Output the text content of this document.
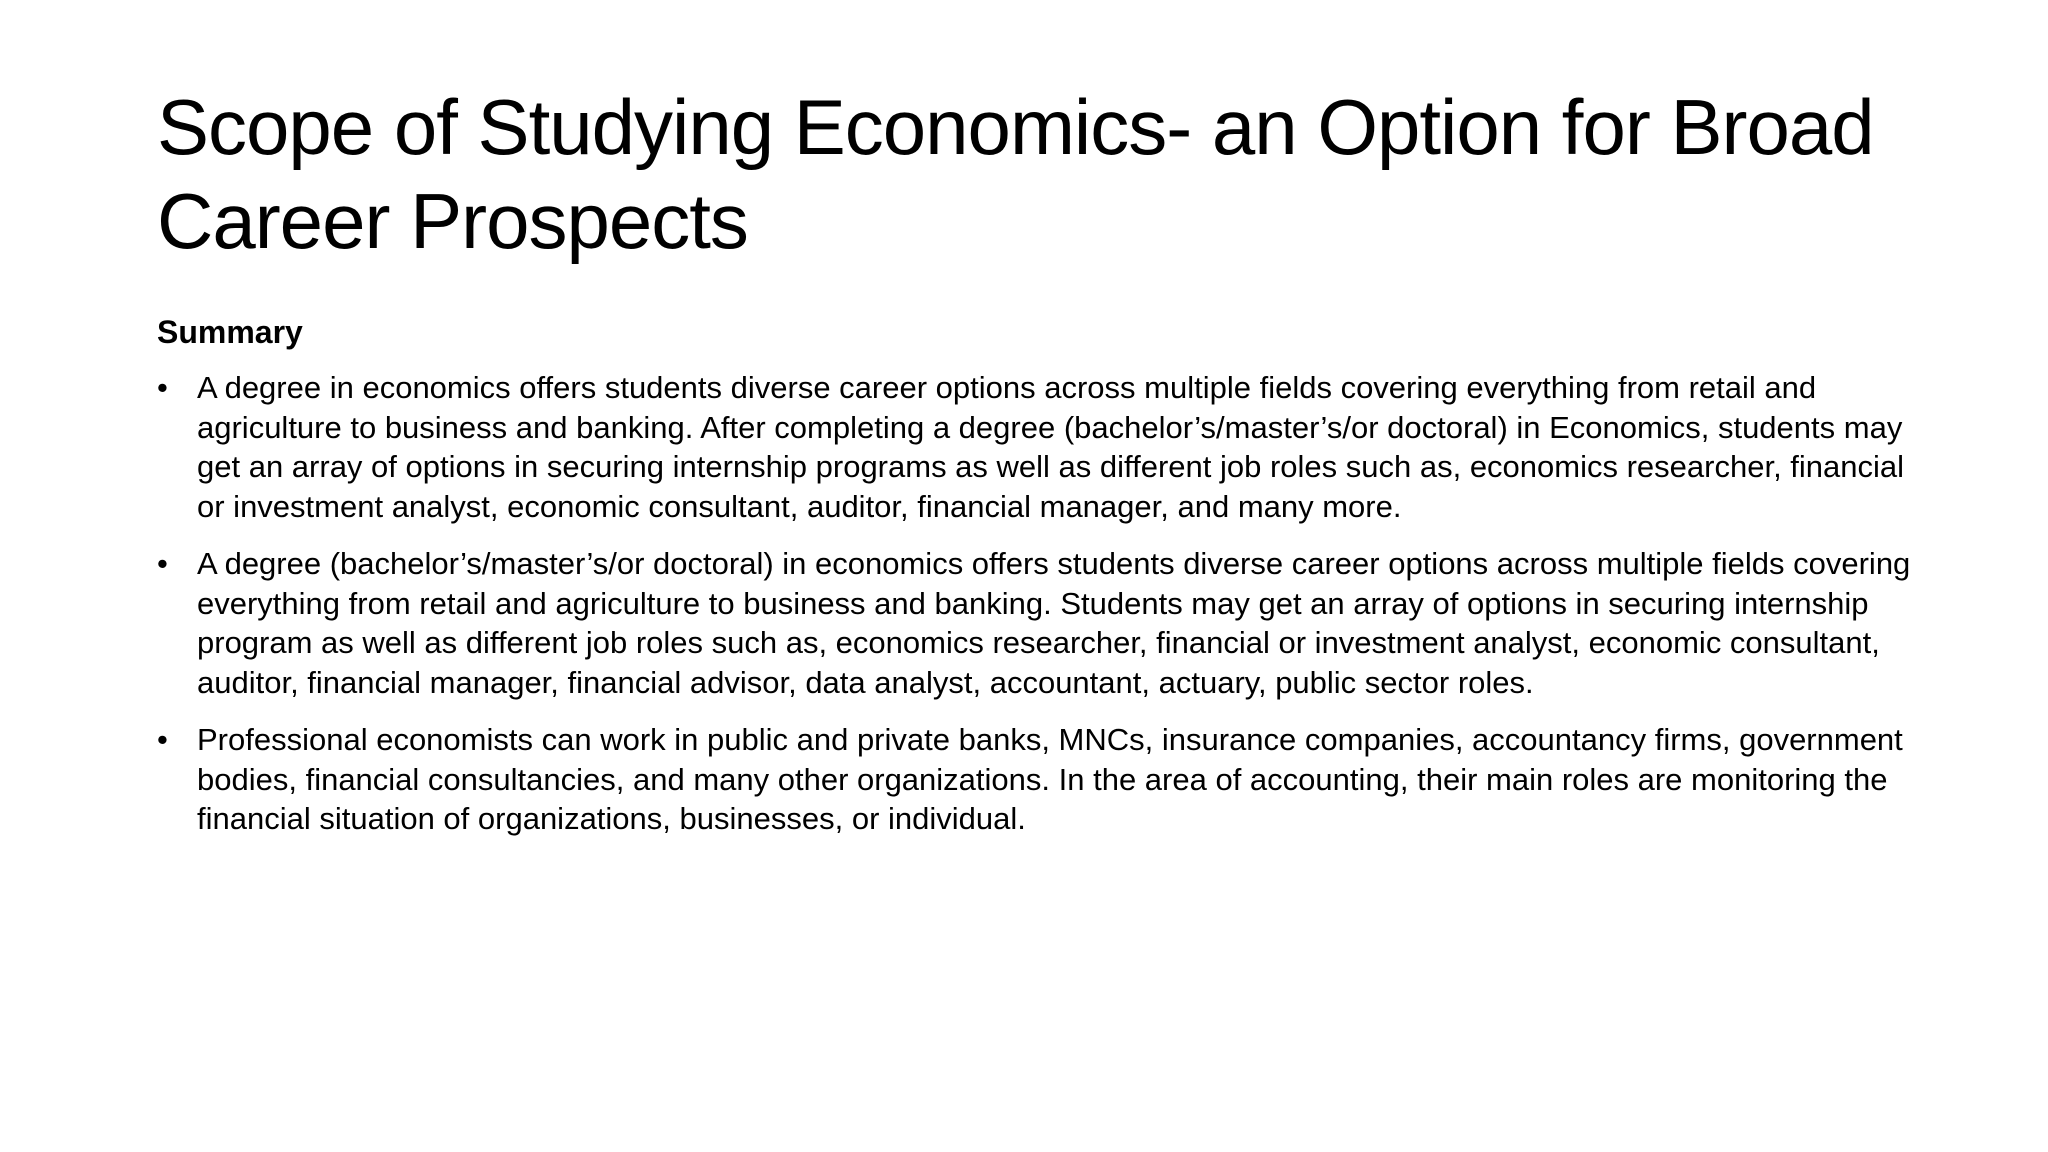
Scope of Studying Economics- an Option for Broad Career Prospects
Summary
• A degree in economics offers students diverse career options across multiple fields covering everything from retail and agriculture to business and banking. After completing a degree (bachelor’s/master’s/or doctoral) in Economics, students may get an array of options in securing internship programs as well as different job roles such as, economics researcher, financial or investment analyst, economic consultant, auditor, financial manager, and many more.
• A degree (bachelor’s/master’s/or doctoral) in economics offers students diverse career options across multiple fields covering everything from retail and agriculture to business and banking. Students may get an array of options in securing internship program as well as different job roles such as, economics researcher, financial or investment analyst, economic consultant, auditor, financial manager, financial advisor, data analyst, accountant, actuary, public sector roles.
• Professional economists can work in public and private banks, MNCs, insurance companies, accountancy firms, government bodies, financial consultancies, and many other organizations. In the area of accounting, their main roles are monitoring the financial situation of organizations, businesses, or individual.
